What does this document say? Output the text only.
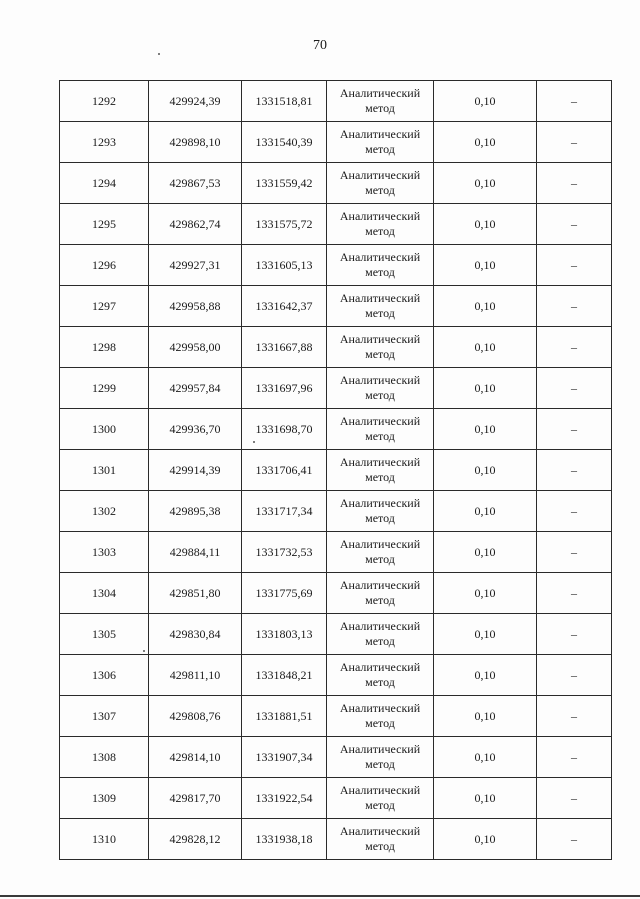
70
1292	429924,39	1331518,81	Аналитический метод	0,10	–
1293	429898,10	1331540,39	Аналитический метод	0,10	–
1294	429867,53	1331559,42	Аналитический метод	0,10	–
1295	429862,74	1331575,72	Аналитический метод	0,10	–
1296	429927,31	1331605,13	Аналитический метод	0,10	–
1297	429958,88	1331642,37	Аналитический метод	0,10	–
1298	429958,00	1331667,88	Аналитический метод	0,10	–
1299	429957,84	1331697,96	Аналитический метод	0,10	–
1300	429936,70	1331698,70	Аналитический метод	0,10	–
1301	429914,39	1331706,41	Аналитический метод	0,10	–
1302	429895,38	1331717,34	Аналитический метод	0,10	–
1303	429884,11	1331732,53	Аналитический метод	0,10	–
1304	429851,80	1331775,69	Аналитический метод	0,10	–
1305	429830,84	1331803,13	Аналитический метод	0,10	–
1306	429811,10	1331848,21	Аналитический метод	0,10	–
1307	429808,76	1331881,51	Аналитический метод	0,10	–
1308	429814,10	1331907,34	Аналитический метод	0,10	–
1309	429817,70	1331922,54	Аналитический метод	0,10	–
1310	429828,12	1331938,18	Аналитический метод	0,10	–
